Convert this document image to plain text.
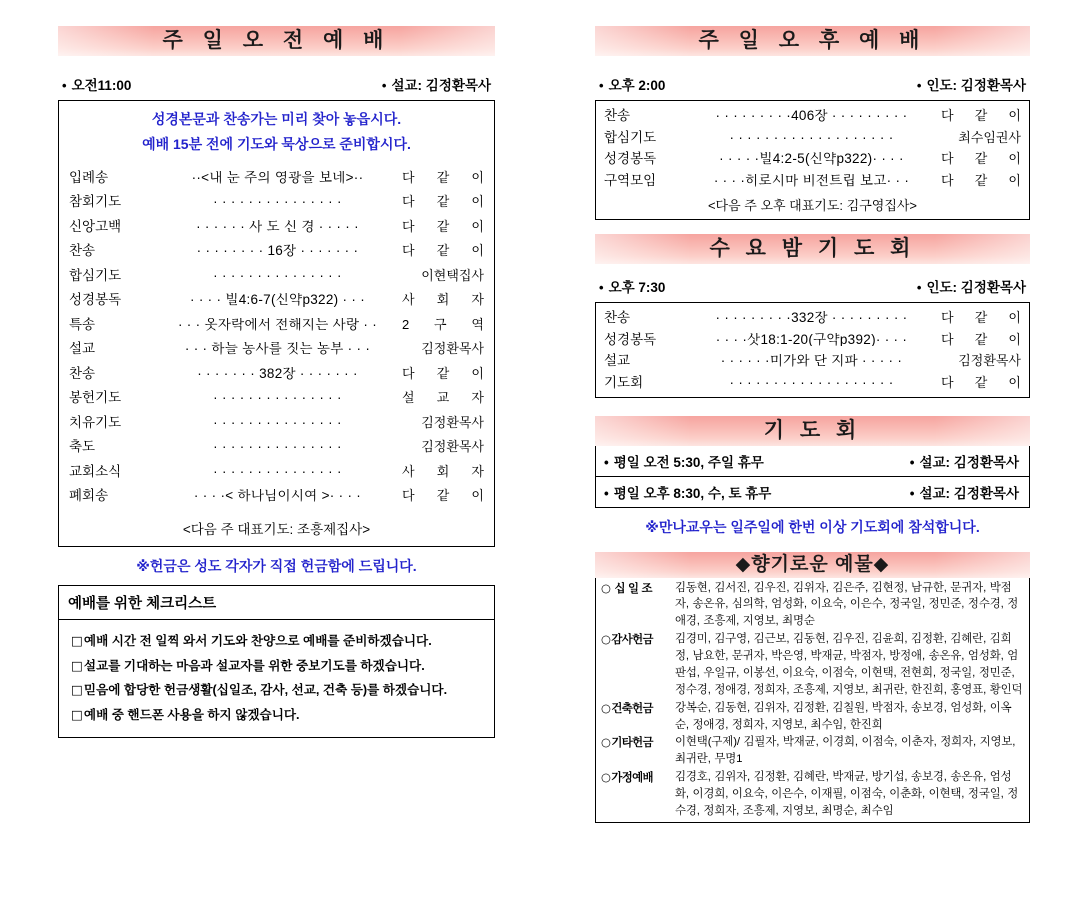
주 일 오 전 예 배
• 오전11:00	• 설교: 김정환목사
성경본문과 찬송가는 미리 찾아 놓읍시다.
예배 15분 전에 기도와 묵상으로 준비합시다.
입례송	··<내 눈 주의 영광을 보네>··	다 같 이
참회기도	· · · · · · · · · · · · · · ·	다 같 이
신앙고백	· · · · · · 사 도 신 경 · · · · ·	다 같 이
찬송	· · · · · · · · 16장 · · · · · · ·	다 같 이
합심기도	· · · · · · · · · · · · · · ·	이현택집사
성경봉독	· · · · 빌4:6-7(신약p322) · · ·	사 회 자
특송	· · · 옷자락에서 전해지는 사랑 · ·	2 구 역
설교	· · · 하늘 농사를 짓는 농부 · · ·	김정환목사
찬송	· · · · · · · 382장 · · · · · · ·	다 같 이
봉헌기도	· · · · · · · · · · · · · · ·	설 교 자
치유기도	· · · · · · · · · · · · · · ·	김정환목사
축도	· · · · · · · · · · · · · · ·	김정환목사
교회소식	· · · · · · · · · · · · · · ·	사 회 자
폐회송	· · · ·< 하나님이시여 >· · · ·	다 같 이
<다음 주 대표기도: 조흥제집사>
※헌금은 성도 각자가 직접 헌금함에 드립니다.
예배를 위한 체크리스트
□예배 시간 전 일찍 와서 기도와 찬양으로 예배를 준비하겠습니다.
□설교를 기대하는 마음과 설교자를 위한 중보기도를 하겠습니다.
□믿음에 합당한 헌금생활(십일조, 감사, 선교, 건축 등)를 하겠습니다.
□예배 중 핸드폰 사용을 하지 않겠습니다.
주 일 오 후 예 배
• 오후 2:00	• 인도: 김정환목사
찬송	· · · · · · · · ·406장 · · · · · · · · ·	다 같 이
합심기도	· · · · · · · · · · · · · · · · · · ·	최수임권사
성경봉독	· · · · ·빌4:2-5(신약p322)· · · ·	다 같 이
구역모임	· · · ·히로시마 비전트립 보고· · ·	다 같 이
<다음 주 오후 대표기도: 김구영집사>
수 요 밤 기 도 회
• 오후 7:30	• 인도: 김정환목사
찬송	· · · · · · · · ·332장 · · · · · · · · ·	다 같 이
성경봉독	· · · ·삿18:1-20(구약p392)· · · ·	다 같 이
설교	· · · · · ·미가와 단 지파 · · · · ·	김정환목사
기도회	· · · · · · · · · · · · · · · · · · ·	다 같 이
기 도 회
• 평일 오전 5:30, 주일 휴무	• 설교: 김정환목사
• 평일 오후 8:30, 수, 토 휴무	• 설교: 김정환목사
※만나교우는 일주일에 한번 이상 기도회에 참석합니다.
◆향기로운 예물◆
○십일조	김동현, 김서진, 김우진, 김위자, 김은주, 김현정, 남규한, 문귀자, 박점자, 송온유, 심의학, 엄성화, 이요숙, 이은수, 정국일, 정민준, 정수경, 정애경, 조흥제, 지영보, 최명순
○감사헌금	김경미, 김구영, 김근보, 김동현, 김우진, 김윤희, 김정환, 김혜란, 김희정, 남요한, 문귀자, 박은영, 박재균, 박점자, 방정애, 송온유, 엄성화, 엄판섭, 우일규, 이봉선, 이요숙, 이점숙, 이현택, 전현희, 정국일, 정민준, 정수경, 정애경, 정희자, 조흥제, 지영보, 최귀란, 한진희, 홍영표, 황인덕
○건축헌금	강복순, 김동현, 김위자, 김정환, 김칠원, 박점자, 송보경, 엄성화, 이옥순, 정애경, 정희자, 지영보, 최수임, 한진희
○기타헌금	이현택(구제)/ 김필자, 박재균, 이경희, 이점숙, 이춘자, 정희자, 지영보, 최귀란, 무명1
○가정예배	김경호, 김위자, 김정환, 김혜란, 박재균, 방기섭, 송보경, 송온유, 엄성화, 이경희, 이요숙, 이은수, 이재필, 이점숙, 이춘화, 이현택, 정국일, 정수경, 정희자, 조흥제, 지영보, 최명순, 최수임
